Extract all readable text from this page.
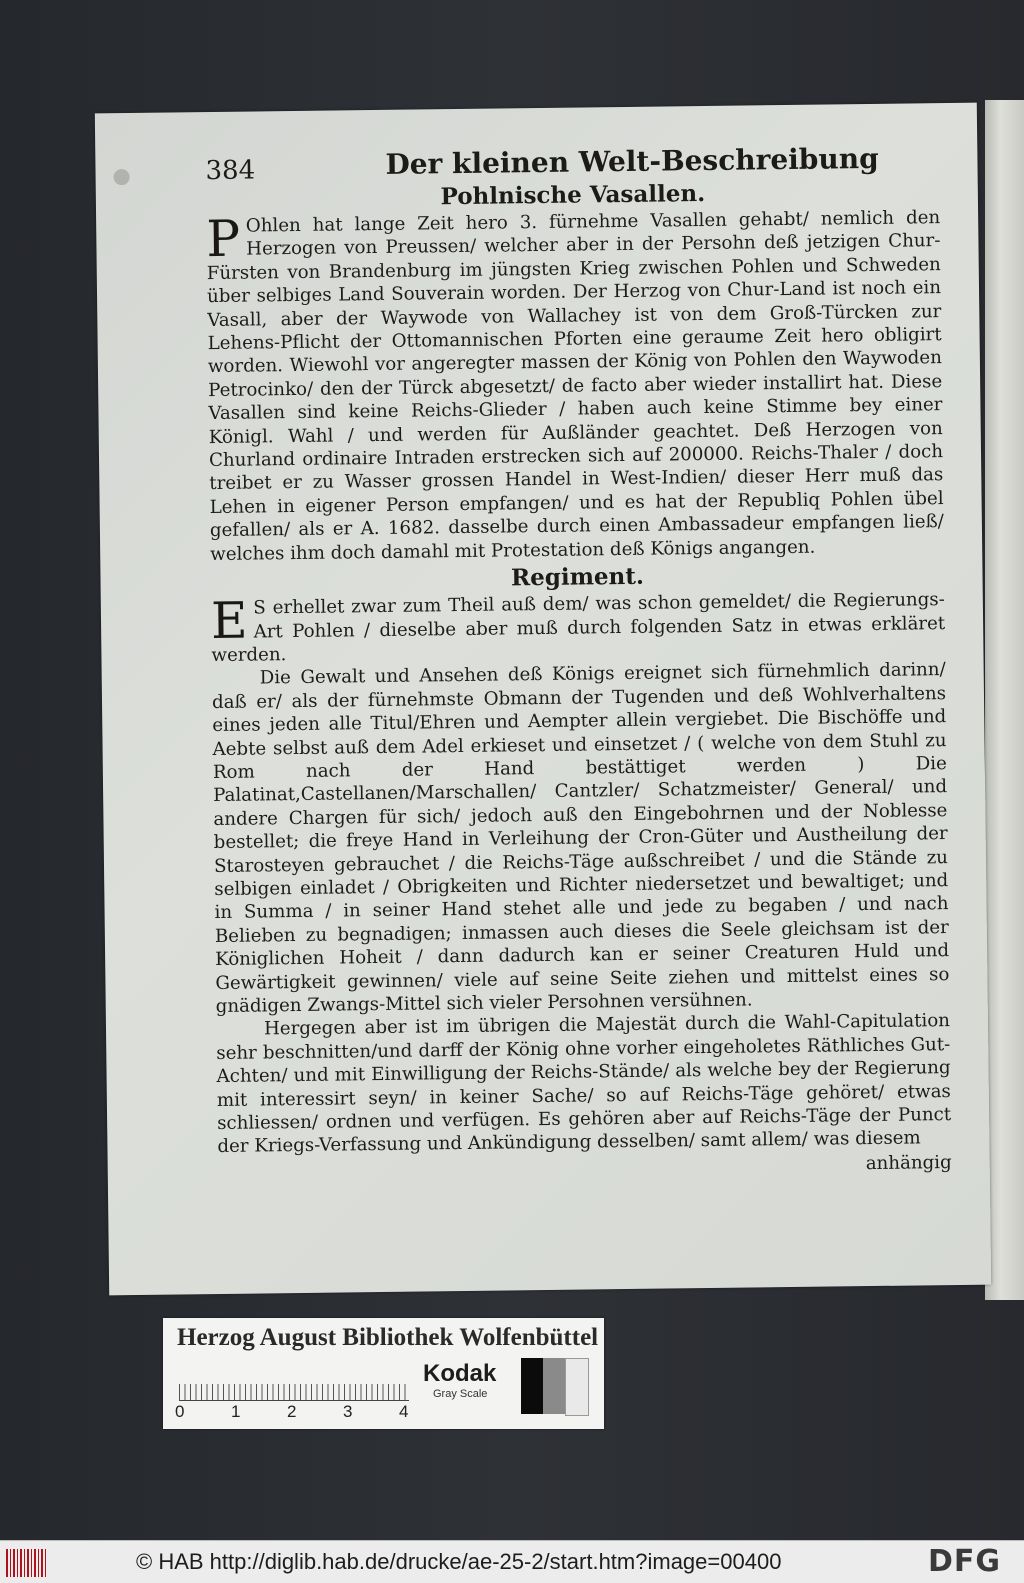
384	Der kleinen Welt-Beschreibung
Pohlnische Vasallen.

P Ohlen hat lange Zeit hero 3. fürnehme Vasallen gehabt/ nemlich den Herzogen von Preussen/ welcher aber in der Persohn deß jetzigen Chur-Fürsten von Brandenburg im jüngsten Krieg zwischen Pohlen und Schweden über selbiges Land Souverain worden. Der Herzog von Chur-Land ist noch ein Vasall, aber der Waywode von Wallachey ist von dem Groß-Türcken zur Lehens-Pflicht der Ottomannischen Pforten eine geraume Zeit hero obligirt worden. Wiewohl vor angeregter massen der König von Pohlen den Waywoden Petrocinko/ den der Türck abgesetzt/ de facto aber wieder installirt hat. Diese Vasallen sind keine Reichs-Glieder / haben auch keine Stimme bey einer Königl. Wahl / und werden für Außländer geachtet. Deß Herzogen von Churland ordinaire Intraden erstrecken sich auf 200000. Reichs-Thaler / doch treibet er zu Wasser grossen Handel in West-Indien/ dieser Herr muß das Lehen in eigener Person empfangen/ und es hat der Republiq Pohlen übel gefallen/ als er A. 1682. dasselbe durch einen Ambassadeur empfangen ließ/ welches ihm doch damahl mit Protestation deß Königs angangen.

Regiment.

E S erhellet zwar zum Theil auß dem/ was schon gemeldet/ die Regierungs-Art Pohlen / dieselbe aber muß durch folgenden Satz in etwas erkläret werden.

Die Gewalt und Ansehen deß Königs ereignet sich fürnehmlich darinn/ daß er/ als der fürnehmste Obmann der Tugenden und deß Wohlverhaltens eines jeden alle Titul/Ehren und Aempter allein vergiebet. Die Bischöffe und Aebte selbst auß dem Adel erkieset und einsetzet / ( welche von dem Stuhl zu Rom nach der Hand bestättiget werden ) Die Palatinat,Castellanen/Marschallen/ Cantzler/ Schatzmeister/ General/ und andere Chargen für sich/ jedoch auß den Eingebohrnen und der Noblesse bestellet; die freye Hand in Verleihung der Cron-Güter und Austheilung der Starosteyen gebrauchet / die Reichs-Täge außschreibet / und die Stände zu selbigen einladet / Obrigkeiten und Richter niedersetzet und bewaltiget; und in Summa / in seiner Hand stehet alle und jede zu begaben / und nach Belieben zu begnadigen; inmassen auch dieses die Seele gleichsam ist der Königlichen Hoheit / dann dadurch kan er seiner Creaturen Huld und Gewärtigkeit gewinnen/ viele auf seine Seite ziehen und mittelst eines so gnädigen Zwangs-Mittel sich vieler Persohnen versühnen.

Hergegen aber ist im übrigen die Majestät durch die Wahl-Capitulation sehr beschnitten/und darff der König ohne vorher eingeholetes Räthliches Gut-Achten/ und mit Einwilligung der Reichs-Stände/ als welche bey der Regierung mit interessirt seyn/ in keiner Sache/ so auf Reichs-Täge gehöret/ etwas schliessen/ ordnen und verfügen. Es gehören aber auf Reichs-Täge der Punct der Kriegs-Verfassung und Ankündigung desselben/ samt allem/ was diesem

anhängig
Herzog August Bibliothek Wolfenbüttel
0	1	2	3	4
Kodak
Gray Scale
© HAB http://diglib.hab.de/drucke/ae-25-2/start.htm?image=00400	DFG
